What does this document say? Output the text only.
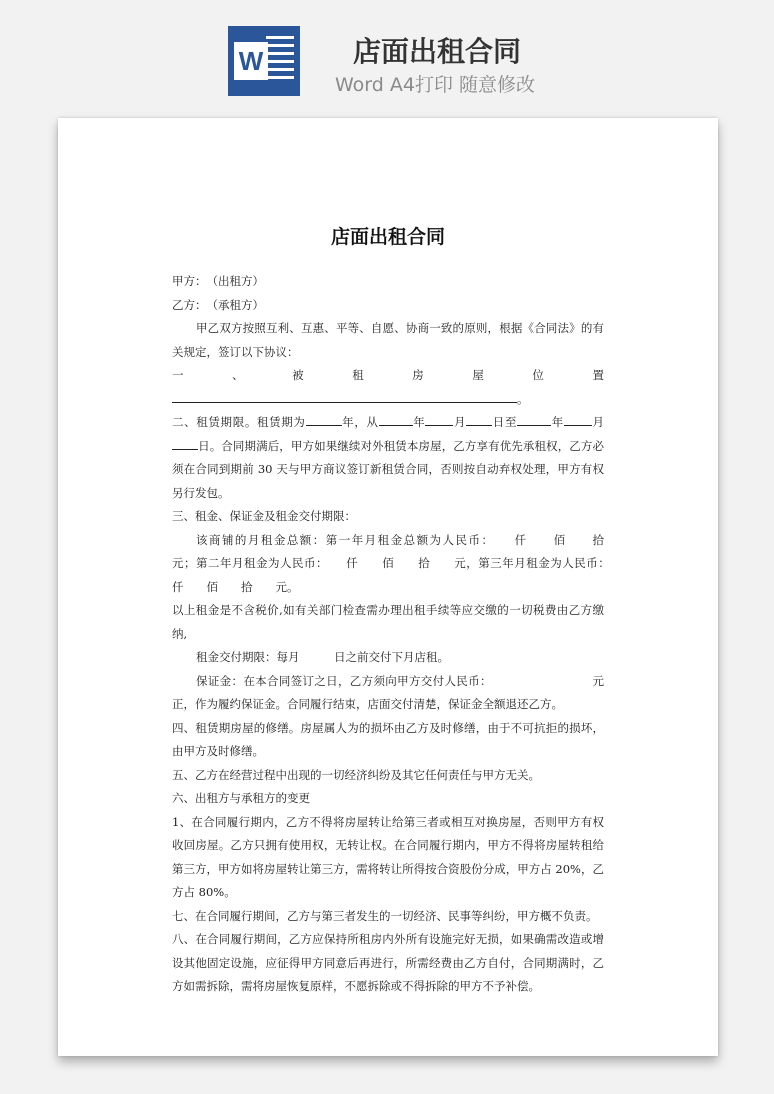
W	店面出租合同
Word A4打印 随意修改
店面出租合同

甲方：　（出租方）

乙方：　（承租方）

甲乙双方按照互利、互惠、平等、自愿、协商一致的原则，根据《合同法》的有关规定，签订以下协议：

一、被租房屋位置。

二、租赁期限。租赁期为	年，从	年 月 日至	年 月日。合同期满后，甲方如果继续对外租赁本房屋，乙方享有优先承租权，乙方必须在合同到期前 30 天与甲方商议签订新租赁合同，否则按自动弃权处理，甲方有权另行发包。

三、租金、保证金及租金交付期限：

该商铺的月租金总额：第一年月租金总额为人民币：　　仟　　佰　　拾　　元；第二年月租金为人民币：　　仟　　佰　　拾　　元，第三年月租金为人民币：　　仟　　佰　　拾　　元。

以上租金是不含税价,如有关部门检查需办理出租手续等应交缴的一切税费由乙方缴纳,

租金交付期限：每月　　　日之前交付下月店租。

保证金：在本合同签订之日，乙方须向甲方交付人民币：　　　　　　　　　元正，作为履约保证金。合同履行结束，店面交付清楚，保证金全额退还乙方。

四、租赁期房屋的修缮。房屋属人为的损坏由乙方及时修缮，由于不可抗拒的损坏，由甲方及时修缮。

五、乙方在经营过程中出现的一切经济纠纷及其它任何责任与甲方无关。

六、出租方与承租方的变更

1、在合同履行期内，乙方不得将房屋转让给第三者或相互对换房屋，否则甲方有权收回房屋。乙方只拥有使用权，无转让权。在合同履行期内，甲方不得将房屋转租给第三方，甲方如将房屋转让第三方，需将转让所得按合资股份分成，甲方占 20%，乙方占 80%。

七、在合同履行期间，乙方与第三者发生的一切经济、民事等纠纷，甲方概不负责。

八、在合同履行期间，乙方应保持所租房内外所有设施完好无损，如果确需改造或增设其他固定设施，应征得甲方同意后再进行，所需经费由乙方自付，合同期满时，乙方如需拆除，需将房屋恢复原样，不愿拆除或不得拆除的甲方不予补偿。
